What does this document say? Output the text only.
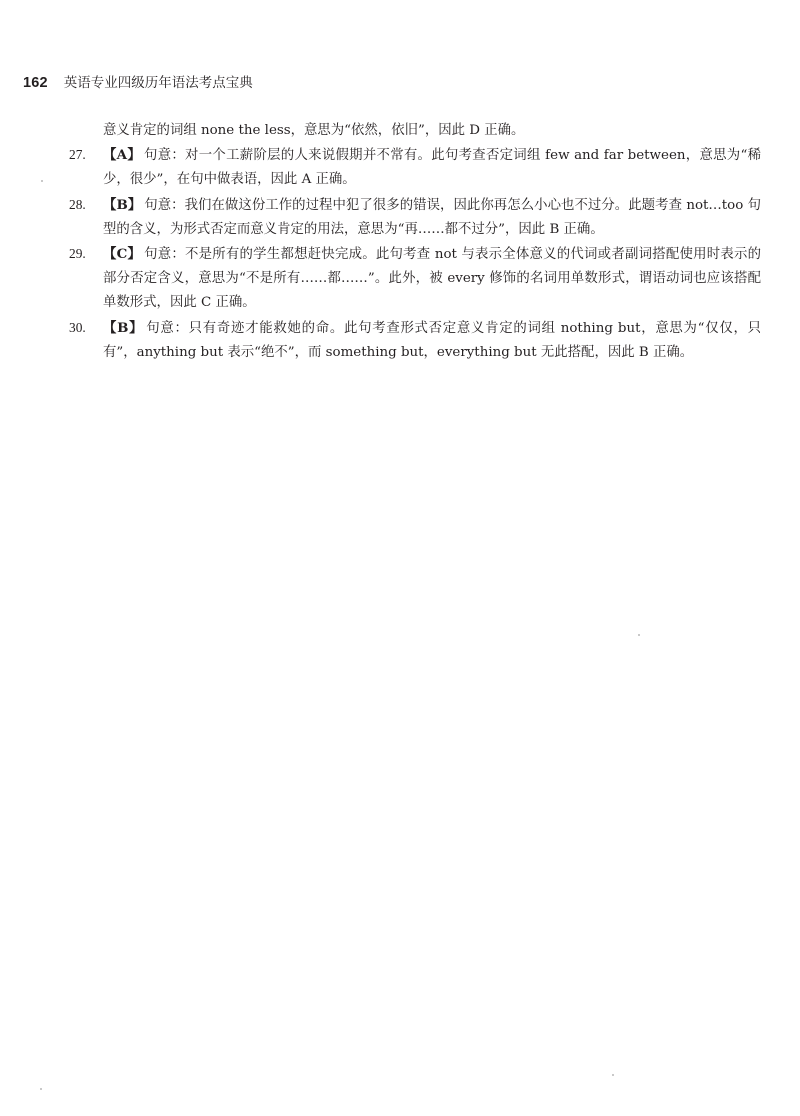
162 英语专业四级历年语法考点宝典
意义肯定的词组 none the less，意思为“依然，依旧”，因此 D 正确。
27.	【A】 句意：对一个工薪阶层的人来说假期并不常有。此句考查否定词组 few and far between，意思为“稀少，很少”，在句中做表语，因此 A 正确。
28.	【B】 句意：我们在做这份工作的过程中犯了很多的错误，因此你再怎么小心也不过分。此题考查 not…too 句型的含义，为形式否定而意义肯定的用法，意思为“再……都不过分”，因此 B 正确。
29.	【C】 句意：不是所有的学生都想赶快完成。此句考查 not 与表示全体意义的代词或者副词搭配使用时表示的部分否定含义，意思为“不是所有……都……”。此外，被 every 修饰的名词用单数形式，谓语动词也应该搭配单数形式，因此 C 正确。
30.	【B】 句意：只有奇迹才能救她的命。此句考查形式否定意义肯定的词组 nothing but，意思为“仅仅，只有”，anything but 表示“绝不”，而 something but，everything but 无此搭配，因此 B 正确。
